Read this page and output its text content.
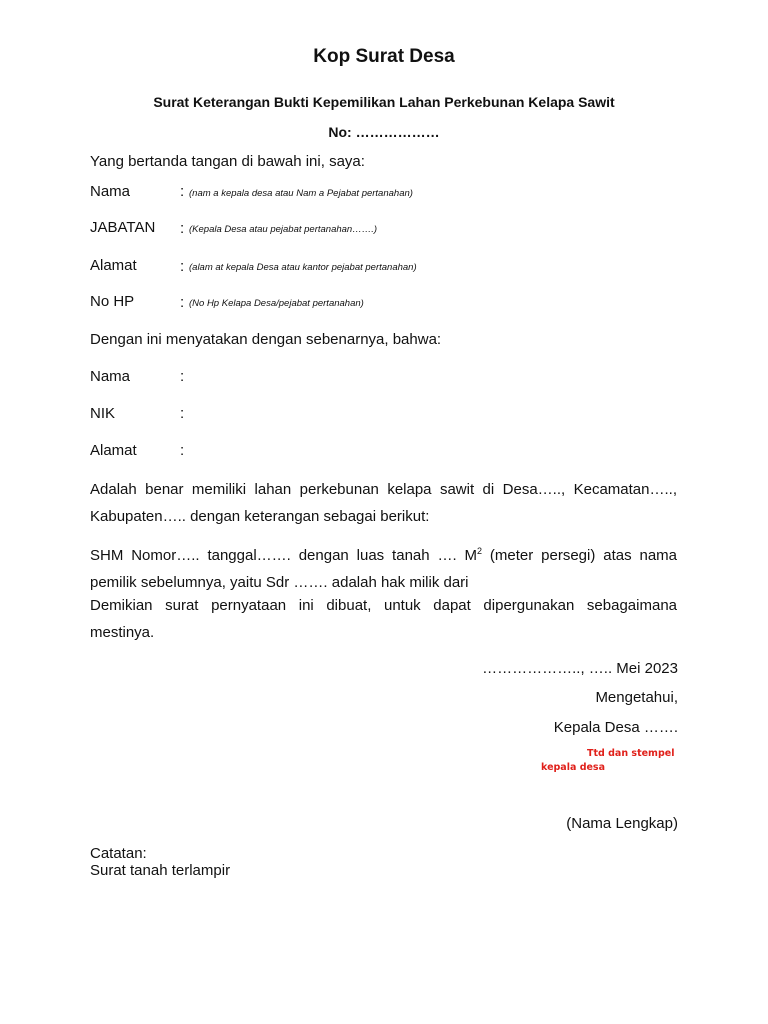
Kop Surat Desa
Surat Keterangan Bukti Kepemilikan Lahan Perkebunan Kelapa Sawit
No: ………………
Yang bertanda tangan di bawah ini, saya:
Nama	: (nam a kepala desa atau Nam a Pejabat pertanahan)
JABATAN : (Kepala Desa atau pejabat pertanahan…….)
Alamat	: (alam at kepala Desa atau kantor pejabat pertanahan)
No HP	: (No Hp Kelapa Desa/pejabat pertanahan)
Dengan ini menyatakan dengan sebenarnya, bahwa:
Nama	:
NIK	:
Alamat	:
Adalah benar memiliki lahan perkebunan kelapa sawit di Desa….., Kecamatan….., Kabupaten….. dengan keterangan sebagai berikut:
SHM Nomor….. tanggal……. dengan luas tanah …. $M^2$ (meter persegi) atas nama pemilik sebelumnya, yaitu Sdr ……. adalah hak milik dari
Demikian surat pernyataan ini dibuat, untuk dapat dipergunakan sebagaimana mestinya.
……………….., ….. Mei 2023
Mengetahui,
Kepala Desa …….
Ttd dan stempel
kepala desa
(Nama Lengkap)
Catatan:
Surat tanah terlampir
